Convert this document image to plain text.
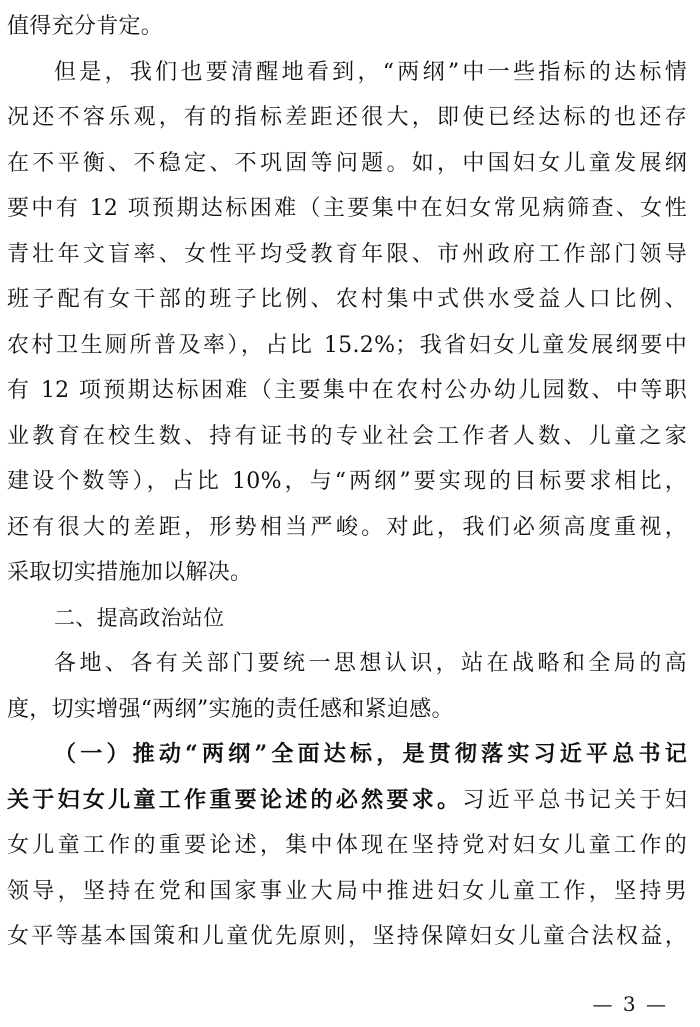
值得充分肯定。
但是，我们也要清醒地看到，“两纲”中一些指标的达标情
况还不容乐观，有的指标差距还很大，即使已经达标的也还存
在不平衡、不稳定、不巩固等问题。如，中国妇女儿童发展纲
要中有 12 项预期达标困难（主要集中在妇女常见病筛查、女性
青壮年文盲率、女性平均受教育年限、市州政府工作部门领导
班子配有女干部的班子比例、农村集中式供水受益人口比例、
农村卫生厕所普及率），占比 15.2%；我省妇女儿童发展纲要中
有 12 项预期达标困难（主要集中在农村公办幼儿园数、中等职
业教育在校生数、持有证书的专业社会工作者人数、儿童之家
建设个数等），占比 10%，与“两纲”要实现的目标要求相比，
还有很大的差距，形势相当严峻。对此，我们必须高度重视，
采取切实措施加以解决。
二、提高政治站位
各地、各有关部门要统一思想认识，站在战略和全局的高
度，切实增强“两纲”实施的责任感和紧迫感。
（一）推动“两纲”全面达标，是贯彻落实习近平总书记
关于妇女儿童工作重要论述的必然要求。习近平总书记关于妇
女儿童工作的重要论述，集中体现在坚持党对妇女儿童工作的
领导，坚持在党和国家事业大局中推进妇女儿童工作，坚持男
女平等基本国策和儿童优先原则，坚持保障妇女儿童合法权益，
— 3 —
